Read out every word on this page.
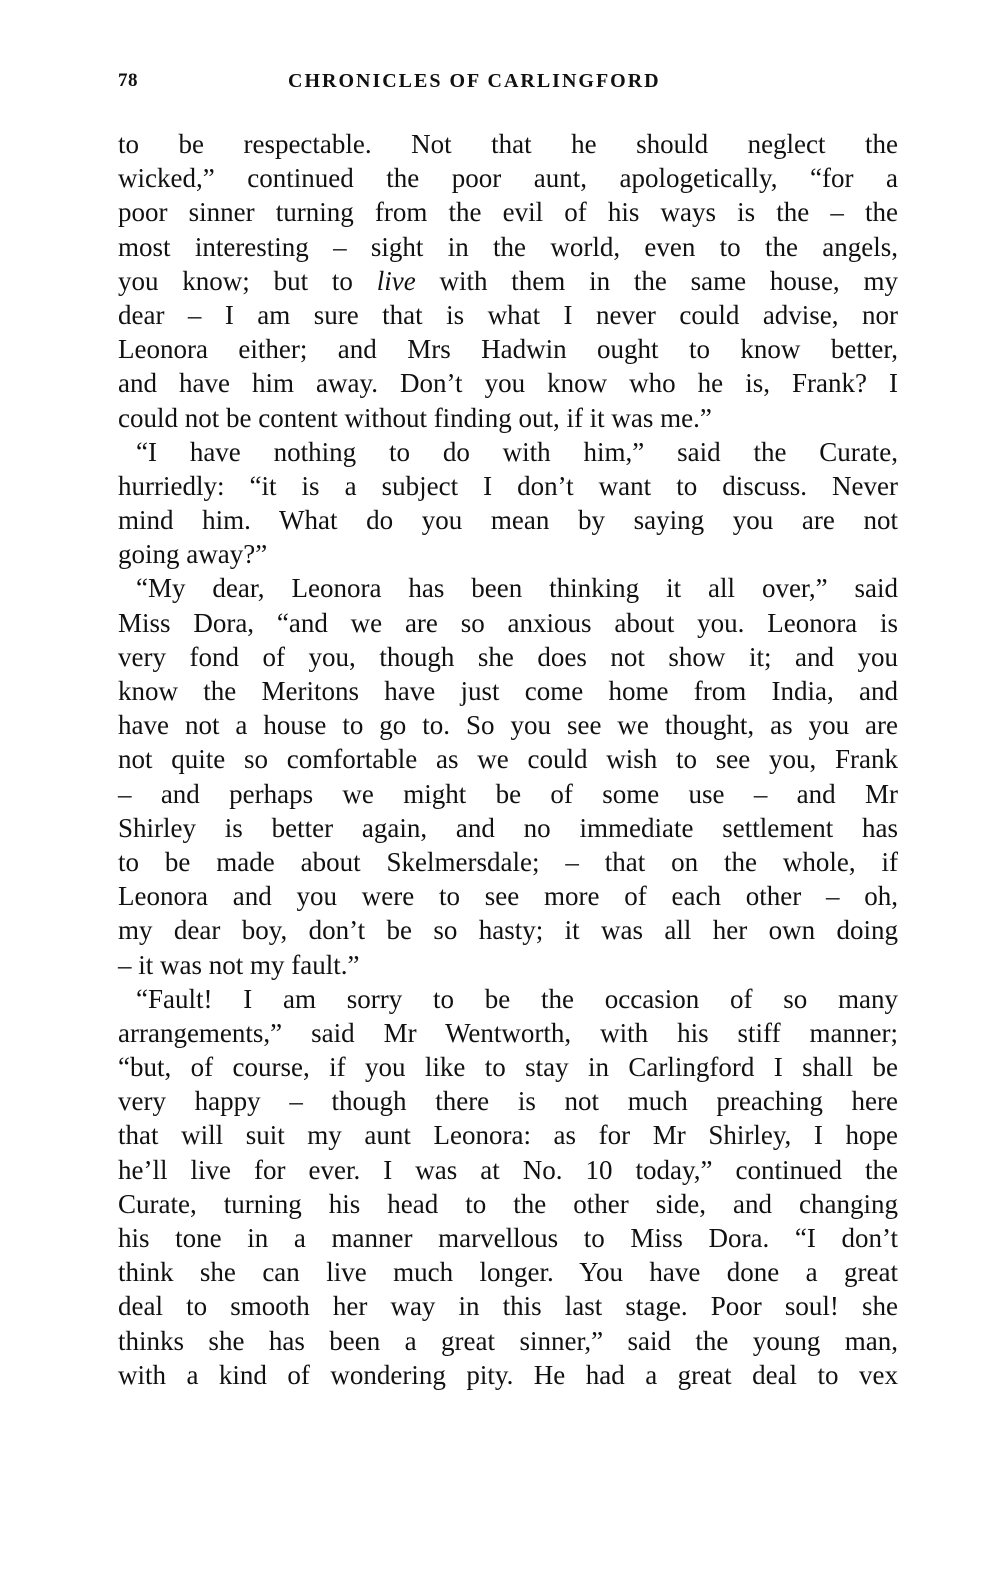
78	CHRONICLES OF CARLINGFORD
to be respectable. Not that he should neglect the
wicked,” continued the poor aunt, apologetically, “for a
poor sinner turning from the evil of his ways is the – the
most interesting – sight in the world, even to the angels,
you know; but to live with them in the same house, my
dear – I am sure that is what I never could advise, nor
Leonora either; and Mrs Hadwin ought to know better,
and have him away. Don’t you know who he is, Frank? I
could not be content without finding out, if it was me.”
“I have nothing to do with him,” said the Curate,
hurriedly: “it is a subject I don’t want to discuss. Never
mind him. What do you mean by saying you are not
going away?”
“My dear, Leonora has been thinking it all over,” said
Miss Dora, “and we are so anxious about you. Leonora is
very fond of you, though she does not show it; and you
know the Meritons have just come home from India, and
have not a house to go to. So you see we thought, as you are
not quite so comfortable as we could wish to see you, Frank
– and perhaps we might be of some use – and Mr
Shirley is better again, and no immediate settlement has
to be made about Skelmersdale; – that on the whole, if
Leonora and you were to see more of each other – oh,
my dear boy, don’t be so hasty; it was all her own doing
– it was not my fault.”
“Fault! I am sorry to be the occasion of so many
arrangements,” said Mr Wentworth, with his stiff manner;
“but, of course, if you like to stay in Carlingford I shall be
very happy – though there is not much preaching here
that will suit my aunt Leonora: as for Mr Shirley, I hope
he’ll live for ever. I was at No. 10 today,” continued the
Curate, turning his head to the other side, and changing
his tone in a manner marvellous to Miss Dora. “I don’t
think she can live much longer. You have done a great
deal to smooth her way in this last stage. Poor soul! she
thinks she has been a great sinner,” said the young man,
with a kind of wondering pity. He had a great deal to vex
